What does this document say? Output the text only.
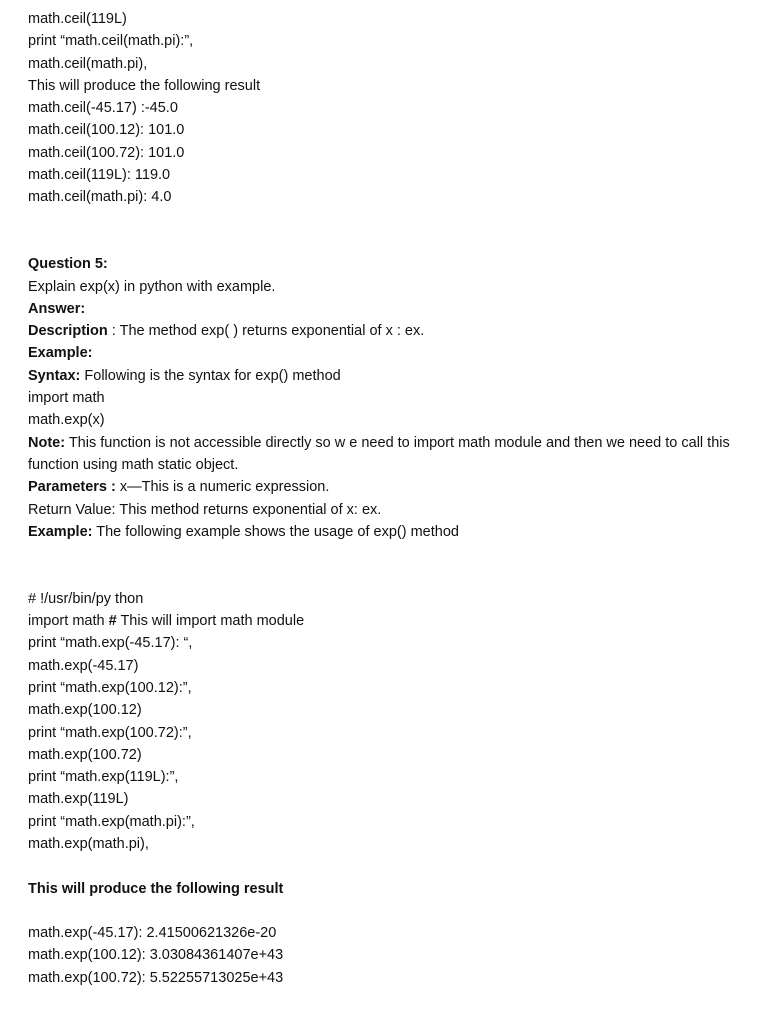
math.ceil(119L)
print “math.ceil(math.pi):”,
math.ceil(math.pi),
This will produce the following result
math.ceil(-45.17) :-45.0
math.ceil(100.12): 101.0
math.ceil(100.72): 101.0
math.ceil(119L): 119.0
math.ceil(math.pi): 4.0
Question 5:
Explain exp(x) in python with example.
Answer:
Description : The method exp( ) returns exponential of x : ex.
Example:
Syntax: Following is the syntax for exp() method
import math
math.exp(x)
Note: This function is not accessible directly so w e need to import math module and then we need to call this function using math static object.
Parameters : x—This is a numeric expression.
Return Value: This method returns exponential of x: ex.
Example: The following example shows the usage of exp() method
# !/usr/bin/py thon
import math # This will import math module
print “math.exp(-45.17): “,
math.exp(-45.17)
print “math.exp(100.12):”,
math.exp(100.12)
print “math.exp(100.72):”,
math.exp(100.72)
print “math.exp(119L):”,
math.exp(119L)
print “math.exp(math.pi):”,
math.exp(math.pi),
This will produce the following result
math.exp(-45.17): 2.41500621326e-20
math.exp(100.12): 3.03084361407e+43
math.exp(100.72): 5.52255713025e+43
